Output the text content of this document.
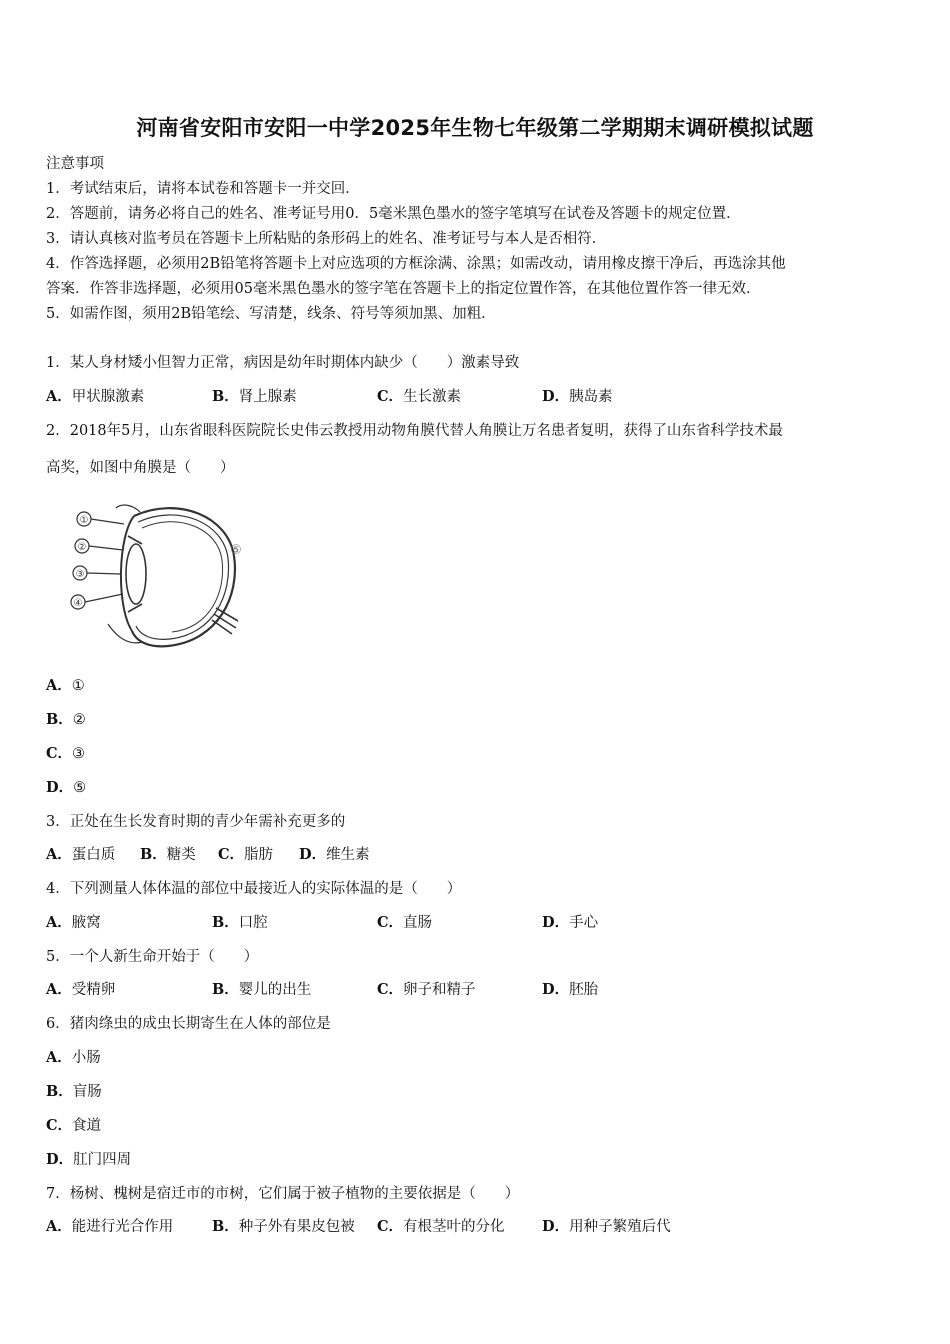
河南省安阳市安阳一中学2025年生物七年级第二学期期末调研模拟试题
注意事项
1．考试结束后，请将本试卷和答题卡一并交回．
2．答题前，请务必将自己的姓名、准考证号用0．5毫米黑色墨水的签字笔填写在试卷及答题卡的规定位置．
3．请认真核对监考员在答题卡上所粘贴的条形码上的姓名、准考证号与本人是否相符．
4．作答选择题，必须用2B铅笔将答题卡上对应选项的方框涂满、涂黑；如需改动，请用橡皮擦干净后，再选涂其他
答案．作答非选择题，必须用05毫米黑色墨水的签字笔在答题卡上的指定位置作答，在其他位置作答一律无效．
5．如需作图，须用2B铅笔绘、写清楚，线条、符号等须加黑、加粗．
1．某人身材矮小但智力正常，病因是幼年时期体内缺少（　　）激素导致
A．甲状腺激素	B．肾上腺素	C．生长激素	D．胰岛素
2．2018年5月，山东省眼科医院院长史伟云教授用动物角膜代替人角膜让万名患者复明，获得了山东省科学技术最
高奖，如图中角膜是（　　）
①
②
③
④
⑤
A．①
B．②
C．③
D．⑤
3．正处在生长发育时期的青少年需补充更多的
A．蛋白质 B．糖类 C．脂肪 D．维生素
4．下列测量人体体温的部位中最接近人的实际体温的是（　　）
A．腋窝	B．口腔	C．直肠	D．手心
5．一个人新生命开始于（　　）
A．受精卵	B．婴儿的出生	C．卵子和精子	D．胚胎
6．猪肉绦虫的成虫长期寄生在人体的部位是
A．小肠
B．盲肠
C．食道
D．肛门四周
7．杨树、槐树是宿迁市的市树，它们属于被子植物的主要依据是（　　）
A．能进行光合作用	B．种子外有果皮包被 C．有根茎叶的分化	D．用种子繁殖后代
